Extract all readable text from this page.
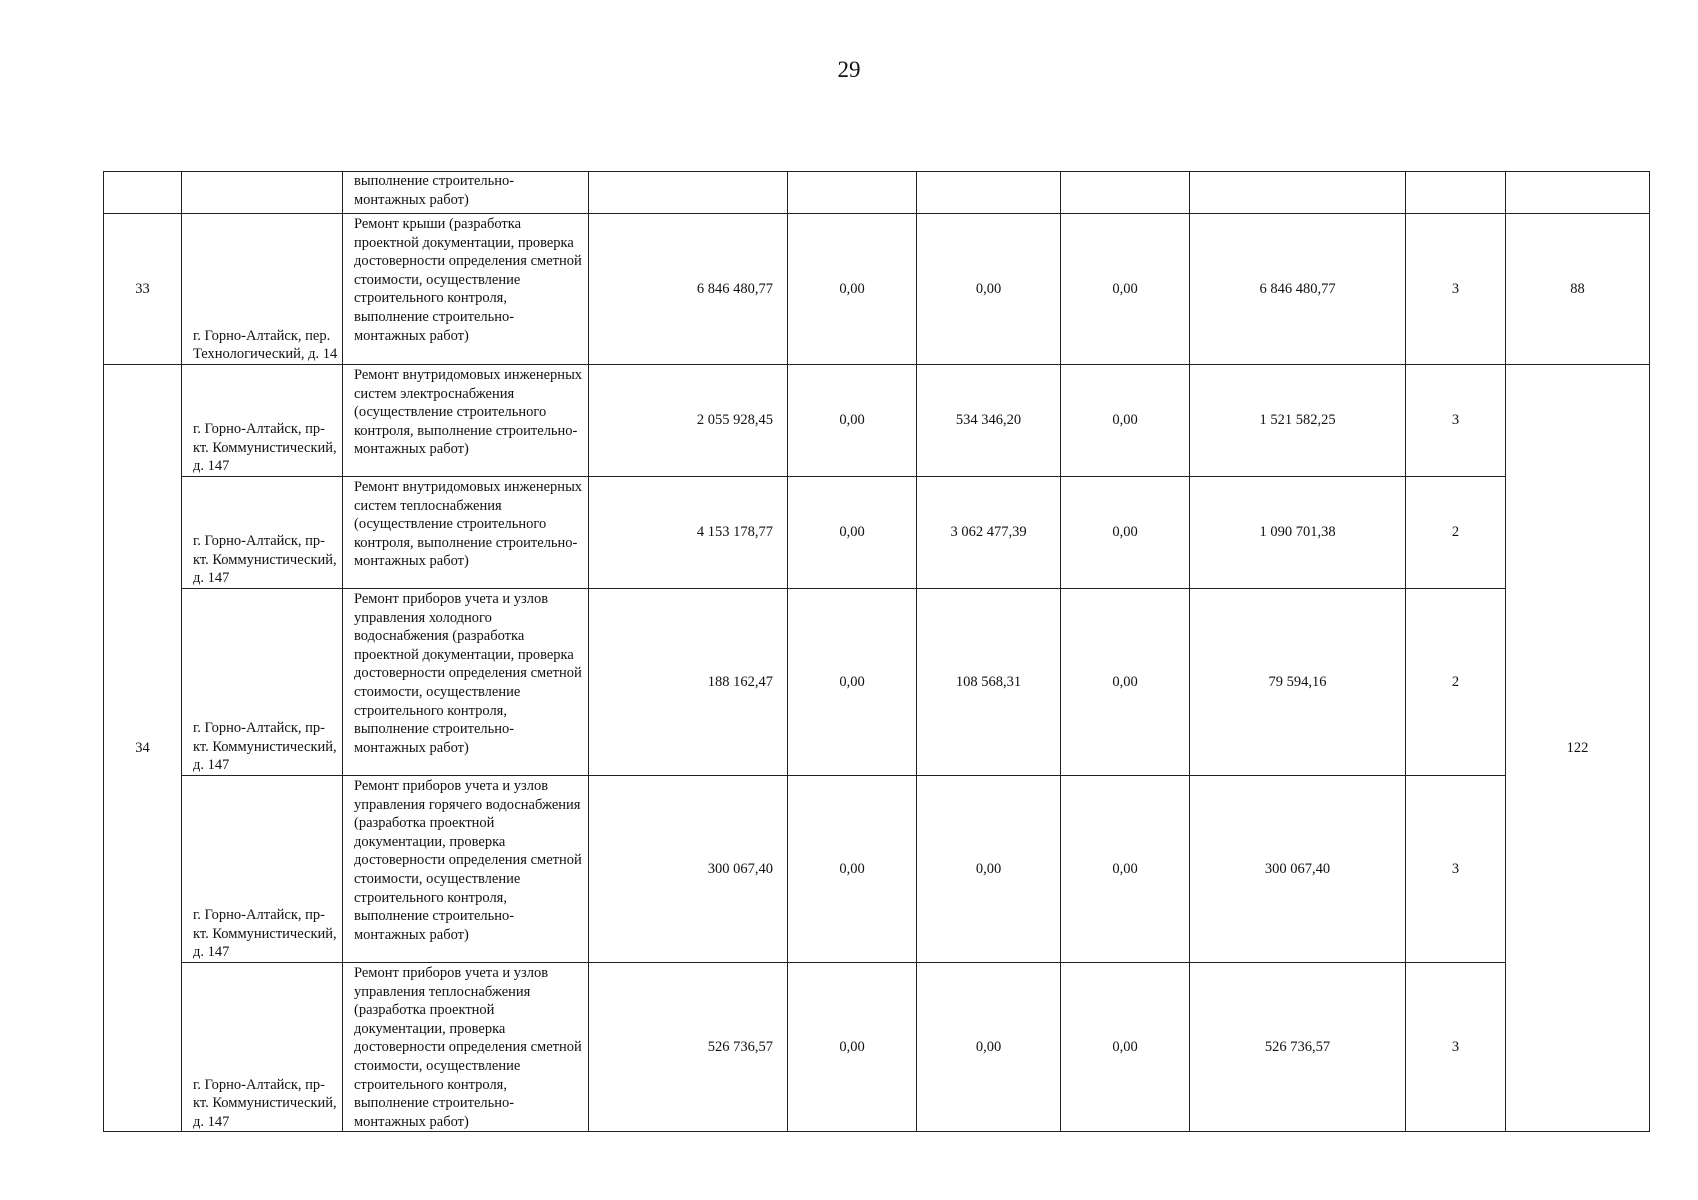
29
		выполнение строительно-монтажных работ)							
33	г. Горно-Алтайск, пер. Технологический, д. 14	Ремонт крыши (разработка проектной документации, проверка достоверности определения сметной стоимости, осуществление строительного контроля, выполнение строительно-монтажных работ)	6 846 480,77	0,00	0,00	0,00	6 846 480,77	3	88
34	г. Горно-Алтайск, пр-кт. Коммунистический, д. 147	Ремонт внутридомовых инженерных систем электроснабжения (осуществление строительного контроля, выполнение строительно-монтажных работ)	2 055 928,45	0,00	534 346,20	0,00	1 521 582,25	3	122
	г. Горно-Алтайск, пр-кт. Коммунистический, д. 147	Ремонт внутридомовых инженерных систем теплоснабжения (осуществление строительного контроля, выполнение строительно-монтажных работ)	4 153 178,77	0,00	3 062 477,39	0,00	1 090 701,38	2	
	г. Горно-Алтайск, пр-кт. Коммунистический, д. 147	Ремонт приборов учета и узлов управления холодного водоснабжения (разработка проектной документации, проверка достоверности определения сметной стоимости, осуществление строительного контроля, выполнение строительно-монтажных работ)	188 162,47	0,00	108 568,31	0,00	79 594,16	2	
	г. Горно-Алтайск, пр-кт. Коммунистический, д. 147	Ремонт приборов учета и узлов управления горячего водоснабжения (разработка проектной документации, проверка достоверности определения сметной стоимости, осуществление строительного контроля, выполнение строительно-монтажных работ)	300 067,40	0,00	0,00	0,00	300 067,40	3	
	г. Горно-Алтайск, пр-кт. Коммунистический, д. 147	Ремонт приборов учета и узлов управления теплоснабжения (разработка проектной документации, проверка достоверности определения сметной стоимости, осуществление строительного контроля, выполнение строительно-монтажных работ)	526 736,57	0,00	0,00	0,00	526 736,57	3	
